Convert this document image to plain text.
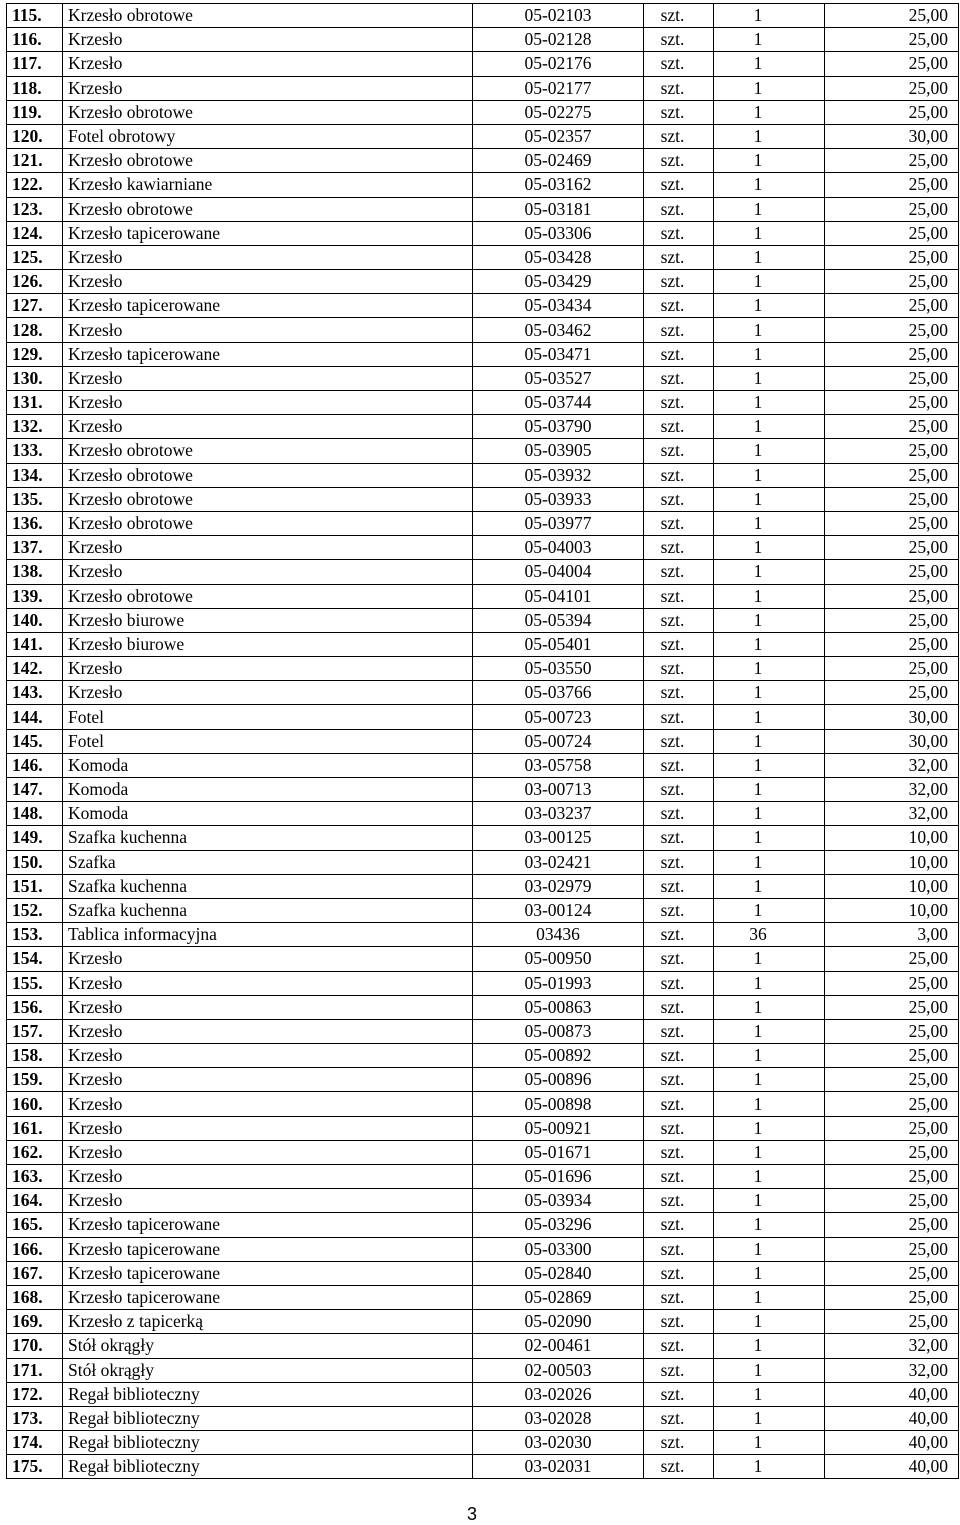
115.	Krzesło obrotowe	05-02103	szt.	1	25,00
116.	Krzesło	05-02128	szt.	1	25,00
117.	Krzesło	05-02176	szt.	1	25,00
118.	Krzesło	05-02177	szt.	1	25,00
119.	Krzesło obrotowe	05-02275	szt.	1	25,00
120.	Fotel obrotowy	05-02357	szt.	1	30,00
121.	Krzesło obrotowe	05-02469	szt.	1	25,00
122.	Krzesło kawiarniane	05-03162	szt.	1	25,00
123.	Krzesło obrotowe	05-03181	szt.	1	25,00
124.	Krzesło tapicerowane	05-03306	szt.	1	25,00
125.	Krzesło	05-03428	szt.	1	25,00
126.	Krzesło	05-03429	szt.	1	25,00
127.	Krzesło tapicerowane	05-03434	szt.	1	25,00
128.	Krzesło	05-03462	szt.	1	25,00
129.	Krzesło tapicerowane	05-03471	szt.	1	25,00
130.	Krzesło	05-03527	szt.	1	25,00
131.	Krzesło	05-03744	szt.	1	25,00
132.	Krzesło	05-03790	szt.	1	25,00
133.	Krzesło obrotowe	05-03905	szt.	1	25,00
134.	Krzesło obrotowe	05-03932	szt.	1	25,00
135.	Krzesło obrotowe	05-03933	szt.	1	25,00
136.	Krzesło obrotowe	05-03977	szt.	1	25,00
137.	Krzesło	05-04003	szt.	1	25,00
138.	Krzesło	05-04004	szt.	1	25,00
139.	Krzesło obrotowe	05-04101	szt.	1	25,00
140.	Krzesło biurowe	05-05394	szt.	1	25,00
141.	Krzesło biurowe	05-05401	szt.	1	25,00
142.	Krzesło	05-03550	szt.	1	25,00
143.	Krzesło	05-03766	szt.	1	25,00
144.	Fotel	05-00723	szt.	1	30,00
145.	Fotel	05-00724	szt.	1	30,00
146.	Komoda	03-05758	szt.	1	32,00
147.	Komoda	03-00713	szt.	1	32,00
148.	Komoda	03-03237	szt.	1	32,00
149.	Szafka kuchenna	03-00125	szt.	1	10,00
150.	Szafka	03-02421	szt.	1	10,00
151.	Szafka kuchenna	03-02979	szt.	1	10,00
152.	Szafka kuchenna	03-00124	szt.	1	10,00
153.	Tablica informacyjna	03436	szt.	36	3,00
154.	Krzesło	05-00950	szt.	1	25,00
155.	Krzesło	05-01993	szt.	1	25,00
156.	Krzesło	05-00863	szt.	1	25,00
157.	Krzesło	05-00873	szt.	1	25,00
158.	Krzesło	05-00892	szt.	1	25,00
159.	Krzesło	05-00896	szt.	1	25,00
160.	Krzesło	05-00898	szt.	1	25,00
161.	Krzesło	05-00921	szt.	1	25,00
162.	Krzesło	05-01671	szt.	1	25,00
163.	Krzesło	05-01696	szt.	1	25,00
164.	Krzesło	05-03934	szt.	1	25,00
165.	Krzesło tapicerowane	05-03296	szt.	1	25,00
166.	Krzesło tapicerowane	05-03300	szt.	1	25,00
167.	Krzesło tapicerowane	05-02840	szt.	1	25,00
168.	Krzesło tapicerowane	05-02869	szt.	1	25,00
169.	Krzesło z tapicerką	05-02090	szt.	1	25,00
170.	Stół okrągły	02-00461	szt.	1	32,00
171.	Stół okrągły	02-00503	szt.	1	32,00
172.	Regał biblioteczny	03-02026	szt.	1	40,00
173.	Regał biblioteczny	03-02028	szt.	1	40,00
174.	Regał biblioteczny	03-02030	szt.	1	40,00
175.	Regał biblioteczny	03-02031	szt.	1	40,00
3
